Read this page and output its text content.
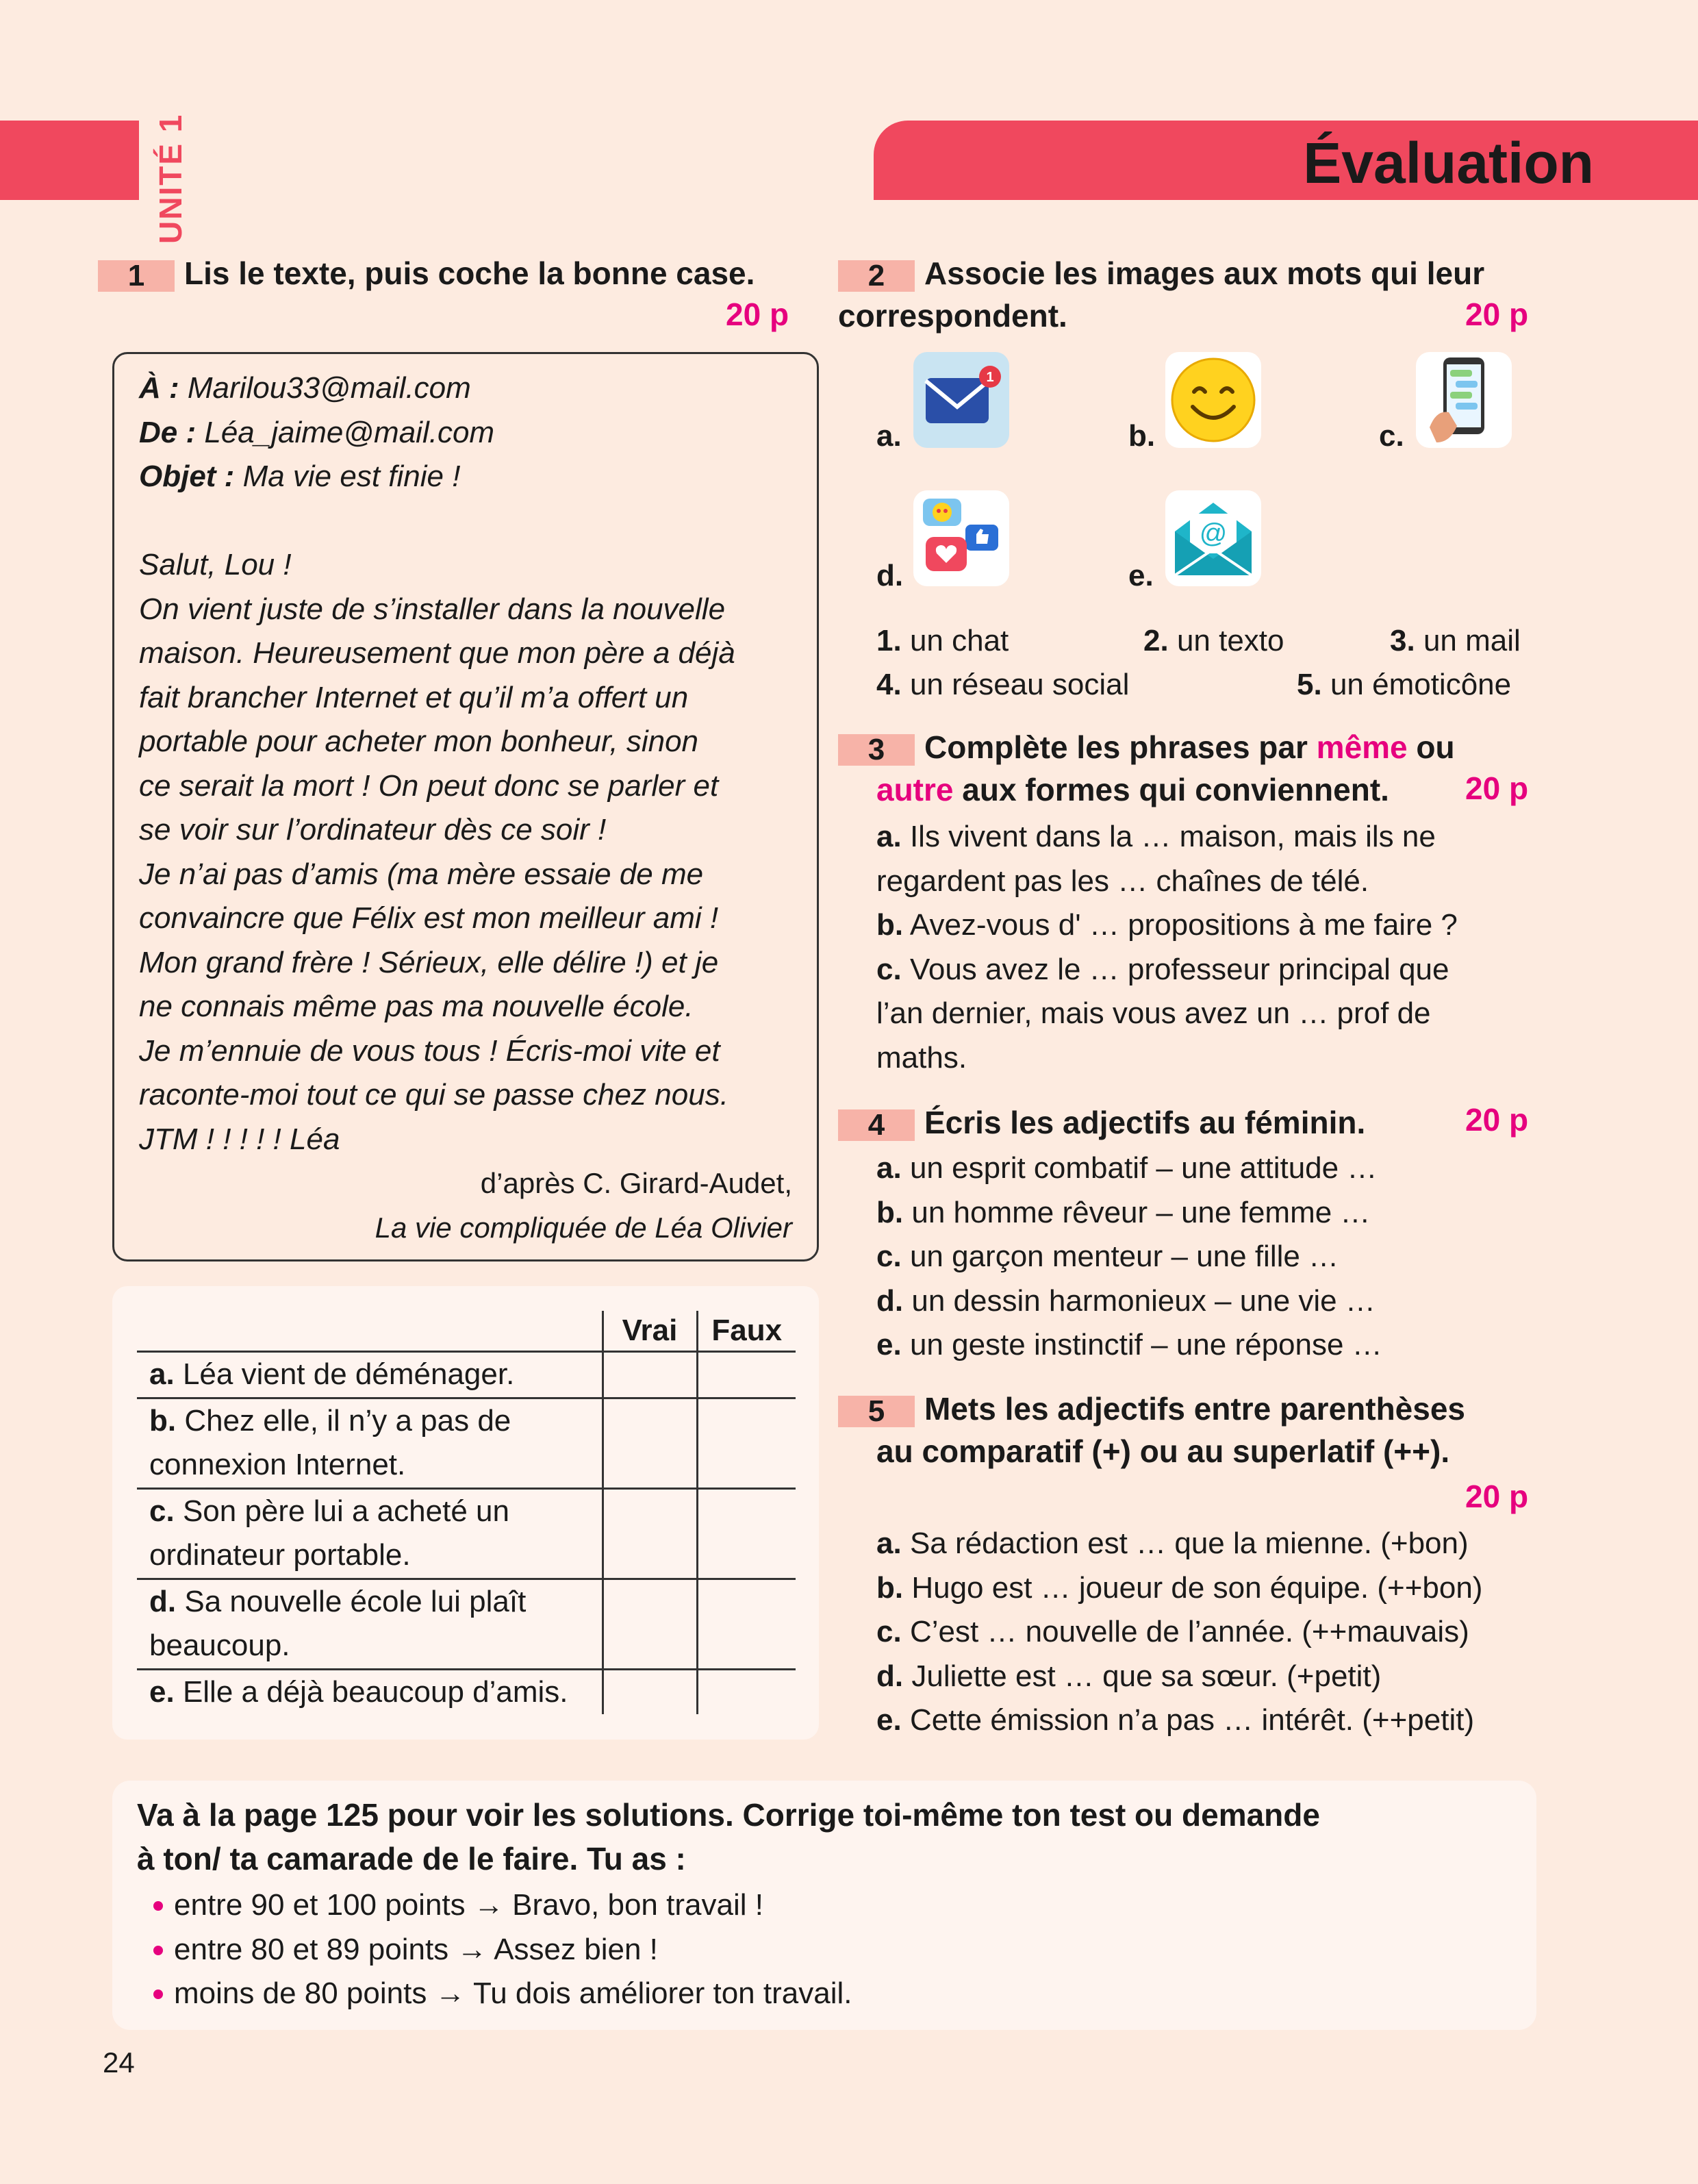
UNITÉ 1	Évaluation
1 Lis le texte, puis coche la bonne case.
20 p
À : Marilou33@mail.com
De : Léa_jaime@mail.com
Objet : Ma vie est finie !
Salut, Lou !
On vient juste de s’installer dans la nouvelle
maison. Heureusement que mon père a déjà
fait brancher Internet et qu’il m’a offert un
portable pour acheter mon bonheur, sinon
ce serait la mort ! On peut donc se parler et
se voir sur l’ordinateur dès ce soir !
Je n’ai pas d’amis (ma mère essaie de me
convaincre que Félix est mon meilleur ami !
Mon grand frère ! Sérieux, elle délire !) et je
ne connais même pas ma nouvelle école.
Je m’ennuie de vous tous ! Écris-moi vite et
raconte-moi tout ce qui se passe chez nous.
JTM ! ! ! ! ! Léa
d’après C. Girard-Audet,
La vie compliquée de Léa Olivier
	Vrai	Faux
a. Léa vient de déménager.		
b. Chez elle, il n’y a pas de
connexion Internet.		
c. Son père lui a acheté un
ordinateur portable.		
d. Sa nouvelle école lui plaît
beaucoup.		
e. Elle a déjà beaucoup d’amis.		
2 Associe les images aux mots qui leur
correspondent.	20 p
a.
1
b.	c.
d.	e.
@
1. un chat	2. un texto	3. un mail
4. un réseau social	5. un émoticône
3 Complète les phrases par même ou
autre aux formes qui conviennent.	20 p
a. Ils vivent dans la … maison, mais ils ne
regardent pas les … chaînes de télé.
b. Avez-vous d' … propositions à me faire ?
c. Vous avez le … professeur principal que
l’an dernier, mais vous avez un … prof de
maths.
4 Écris les adjectifs au féminin.	20 p
a. un esprit combatif – une attitude …
b. un homme rêveur – une femme …
c. un garçon menteur – une fille …
d. un dessin harmonieux – une vie …
e. un geste instinctif – une réponse …
5 Mets les adjectifs entre parenthèses
au comparatif (+) ou au superlatif (++).
20 p
a. Sa rédaction est … que la mienne. (+bon)
b. Hugo est … joueur de son équipe. (++bon)
c. C’est … nouvelle de l’année. (++mauvais)
d. Juliette est … que sa sœur. (+petit)
e. Cette émission n’a pas … intérêt. (++petit)
Va à la page 125 pour voir les solutions. Corrige toi-même ton test ou demande
à ton/ ta camarade de le faire. Tu as :
entre 90 et 100 points → Bravo, bon travail !
entre 80 et 89 points → Assez bien !
moins de 80 points → Tu dois améliorer ton travail.
24
